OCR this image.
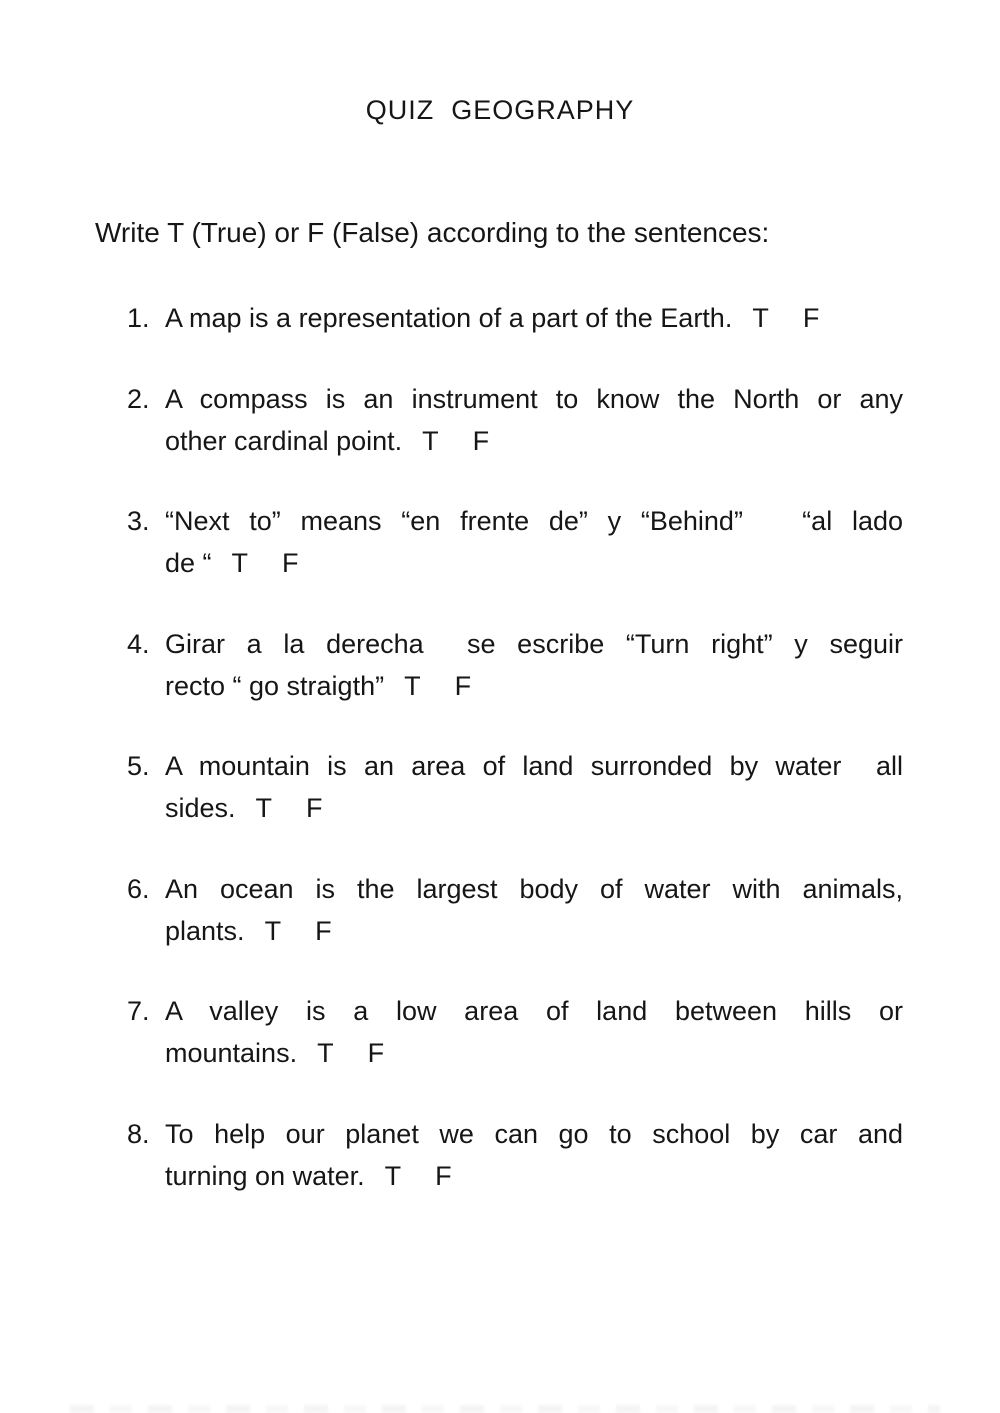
QUIZ  GEOGRAPHY
Write T (True) or F (False) according to the sentences:
1. A map is a representation of a part of the Earth. T F
2. A compass is an instrument to know the North or any
other cardinal point. T F
3. “Next to” means “en frente de” y “Behind”   “al lado
de “ T F
4. Girar a la derecha  se escribe “Turn right” y seguir
recto “ go straigth” T F
5. A mountain is an area of land surronded by water  all
sides. T F
6. An ocean is the largest body of water with animals,
plants. T F
7. A valley is a low area of land between hills or
mountains. T F
8. To help our planet we can go to school by car and
turning on water. T F
